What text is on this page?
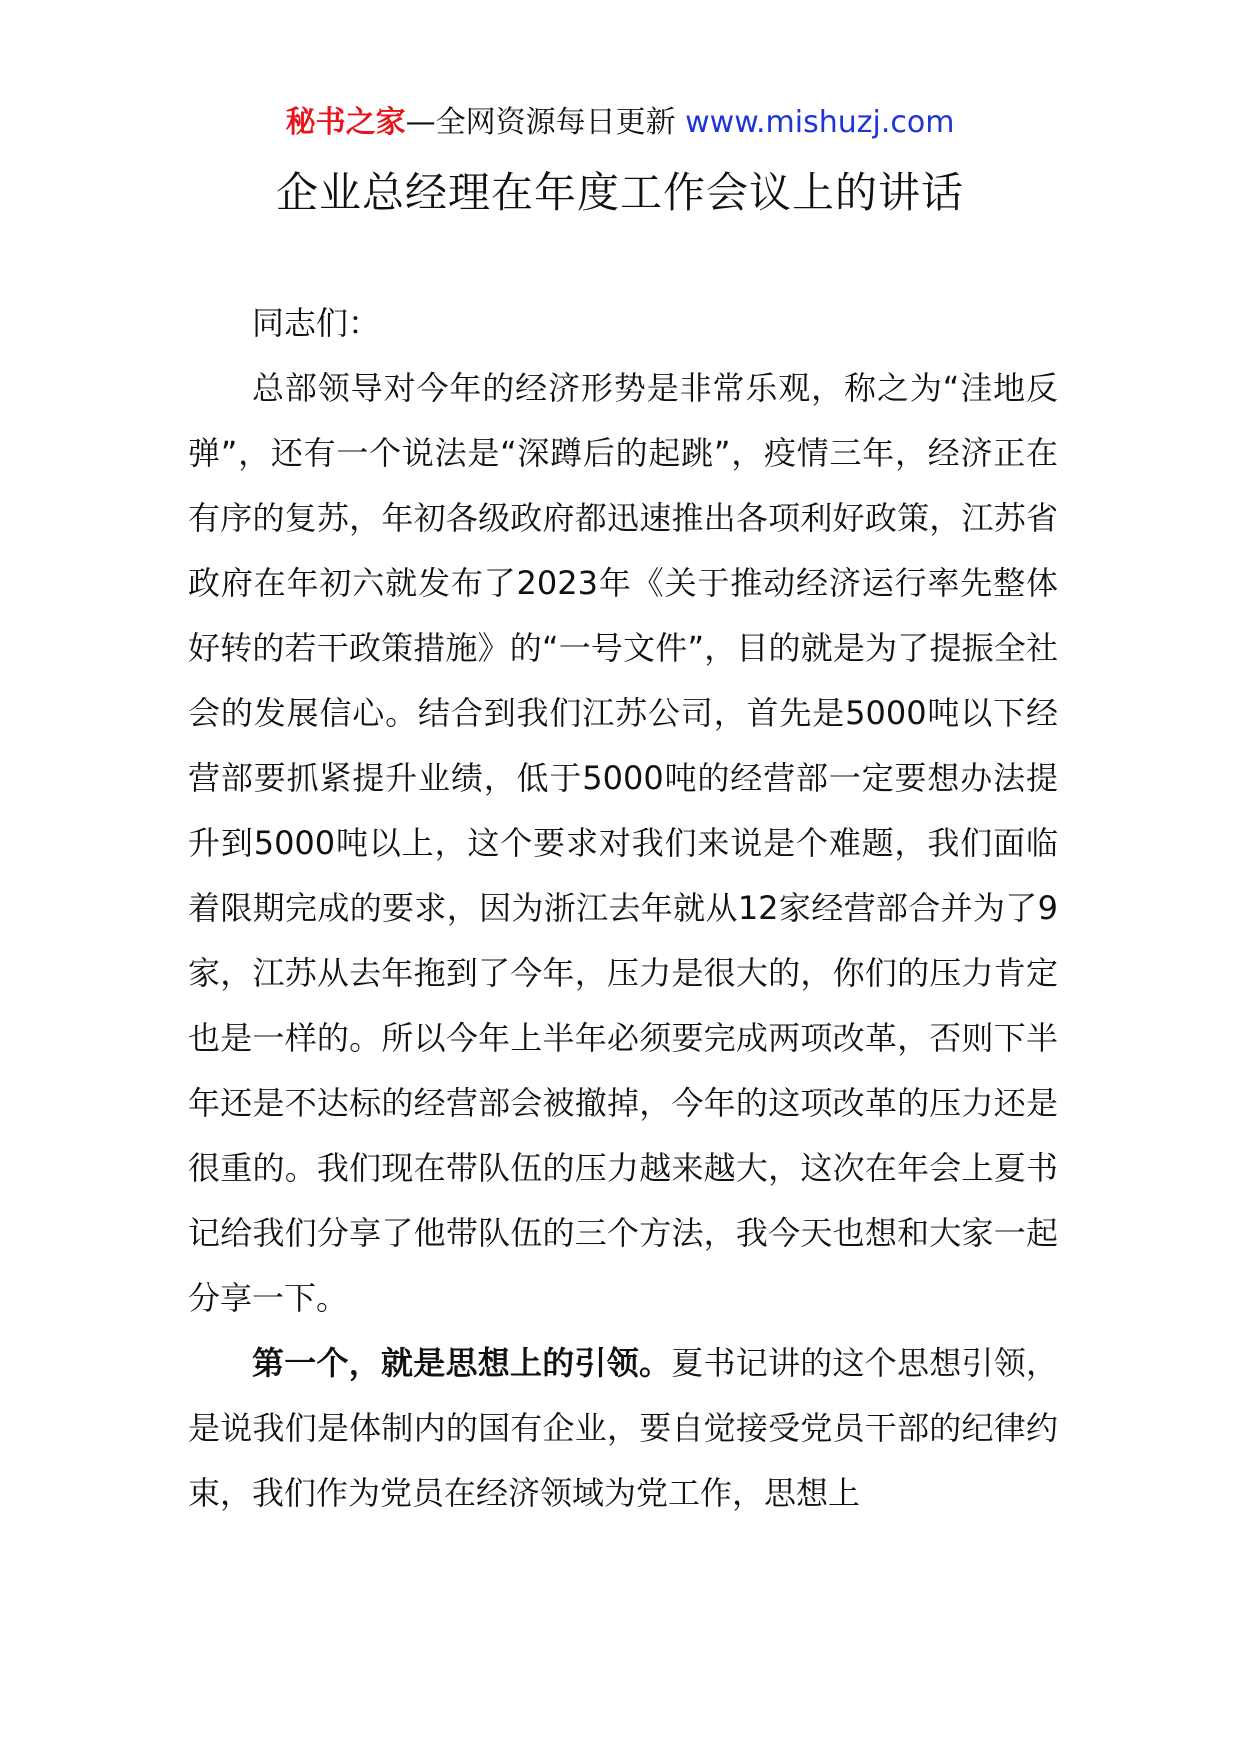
秘书之家—全网资源每日更新 www.mishuzj.com
企业总经理在年度工作会议上的讲话

同志们：

总部领导对今年的经济形势是非常乐观，称之为“洼地反弹”，还有一个说法是“深蹲后的起跳”，疫情三年，经济正在有序的复苏，年初各级政府都迅速推出各项利好政策，江苏省政府在年初六就发布了2023年《关于推动经济运行率先整体好转的若干政策措施》的“一号文件”，目的就是为了提振全社会的发展信心。结合到我们江苏公司，首先是5000吨以下经营部要抓紧提升业绩，低于5000吨的经营部一定要想办法提升到5000吨以上，这个要求对我们来说是个难题，我们面临着限期完成的要求，因为浙江去年就从12家经营部合并为了9家，江苏从去年拖到了今年，压力是很大的，你们的压力肯定也是一样的。所以今年上半年必须要完成两项改革，否则下半年还是不达标的经营部会被撤掉，今年的这项改革的压力还是很重的。我们现在带队伍的压力越来越大，这次在年会上夏书记给我们分享了他带队伍的三个方法，我今天也想和大家一起分享一下。

第一个，就是思想上的引领。夏书记讲的这个思想引领，是说我们是体制内的国有企业，要自觉接受党员干部的纪律约束，我们作为党员在经济领域为党工作，思想上
